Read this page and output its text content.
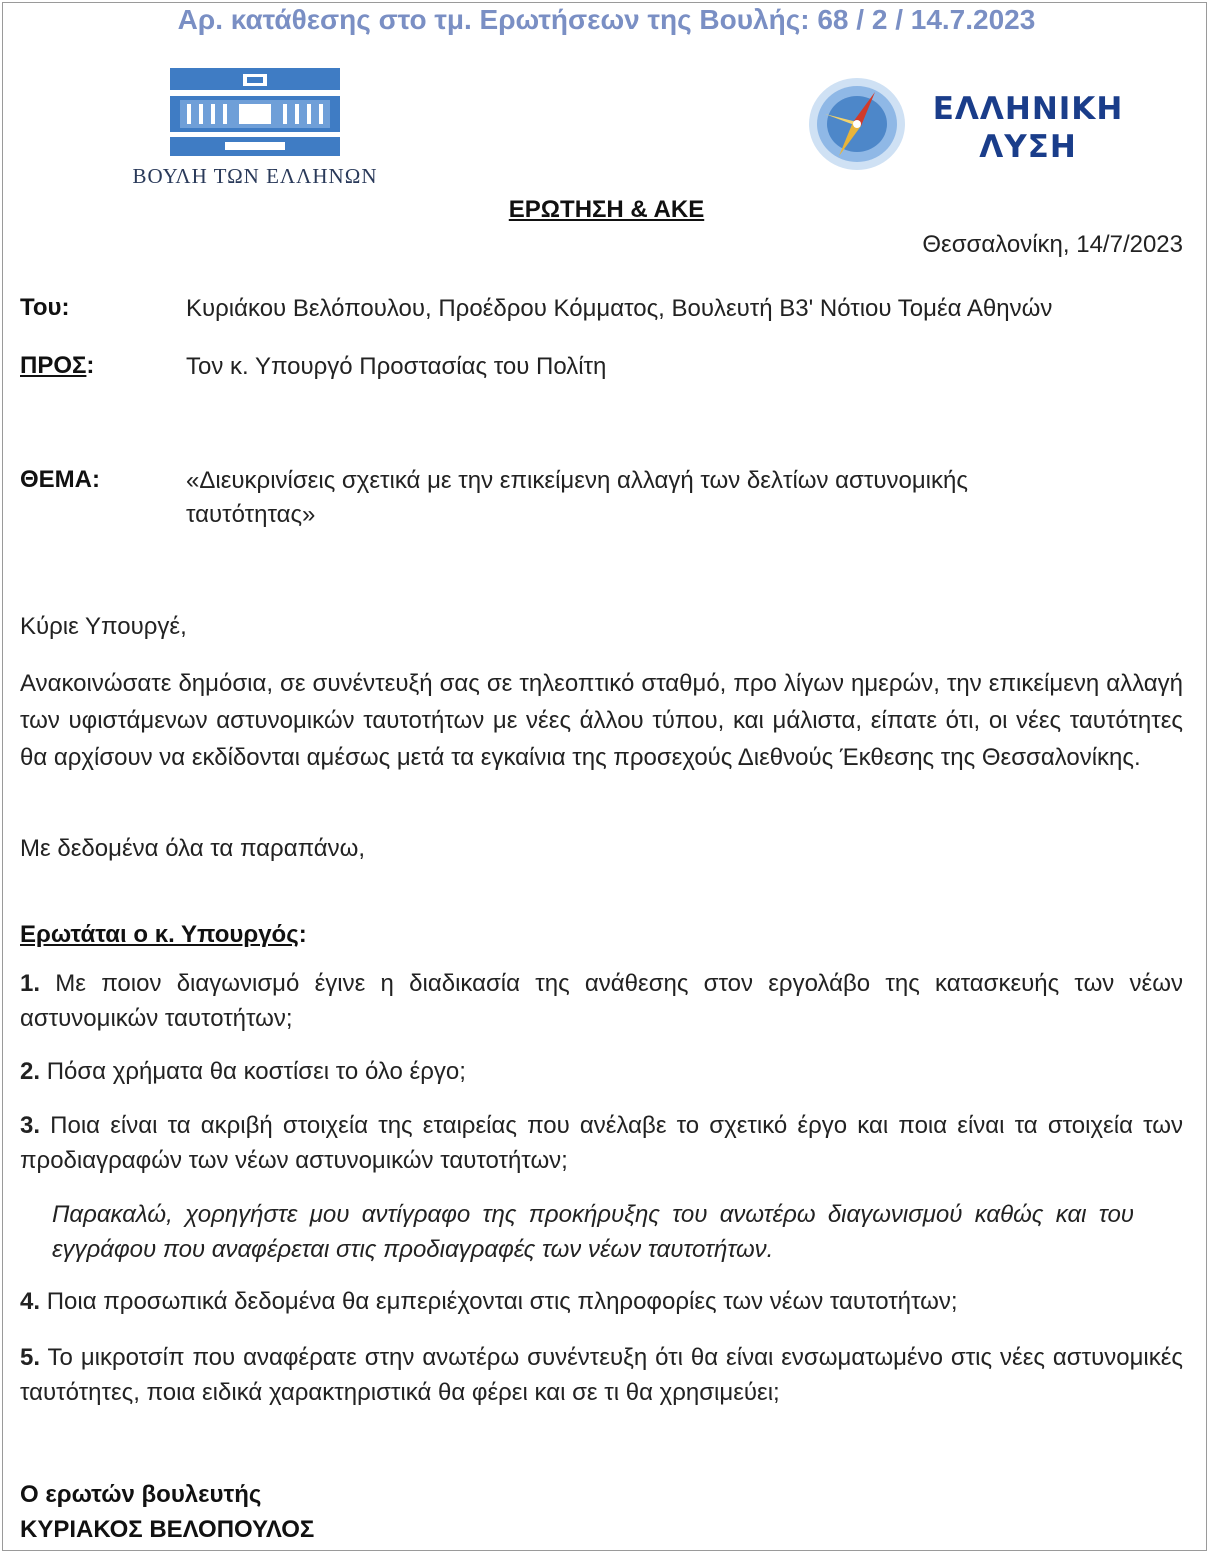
Αρ. κατάθεσης στο τμ. Ερωτήσεων της Βουλής: 68 / 2 / 14.7.2023
ΒΟΥΛΗ ΤΩΝ ΕΛΛΗΝΩΝ
ΕΛΛΗΝΙΚΗ
ΛΥΣΗ
ΕΡΩΤΗΣΗ & ΑΚΕ
Θεσσαλονίκη, 14/7/2023
Του:	Κυριάκου Βελόπουλου, Προέδρου Κόμματος, Βουλευτή Β3' Νότιου Τομέα Αθηνών
ΠΡΟΣ:	Τον κ. Υπουργό Προστασίας του Πολίτη
ΘΕΜΑ:	«Διευκρινίσεις σχετικά με την επικείμενη αλλαγή των δελτίων αστυνομικής
ταυτότητας»
Κύριε Υπουργέ,
Ανακοινώσατε δημόσια, σε συνέντευξή σας σε τηλεοπτικό σταθμό, προ λίγων ημερών, την επικείμενη αλλαγή των υφιστάμενων αστυνομικών ταυτοτήτων με νέες άλλου τύπου, και μάλιστα, είπατε ότι, οι νέες ταυτότητες θα αρχίσουν να εκδίδονται αμέσως μετά τα εγκαίνια της προσεχούς Διεθνούς Έκθεσης της Θεσσαλονίκης.
Με δεδομένα όλα τα παραπάνω,
Ερωτάται ο κ. Υπουργός:
1. Με ποιον διαγωνισμό έγινε η διαδικασία της ανάθεσης στον εργολάβο της κατασκευής των νέων αστυνομικών ταυτοτήτων;
2. Πόσα χρήματα θα κοστίσει το όλο έργο;
3. Ποια είναι τα ακριβή στοιχεία της εταιρείας που ανέλαβε το σχετικό έργο και ποια είναι τα στοιχεία των προδιαγραφών των νέων αστυνομικών ταυτοτήτων;
Παρακαλώ, χορηγήστε μου αντίγραφο της προκήρυξης του ανωτέρω διαγωνισμού καθώς και του εγγράφου που αναφέρεται στις προδιαγραφές των νέων ταυτοτήτων.
4. Ποια προσωπικά δεδομένα θα εμπεριέχονται στις πληροφορίες των νέων ταυτοτήτων;
5. Το μικροτσίπ που αναφέρατε στην ανωτέρω συνέντευξη ότι θα είναι ενσωματωμένο στις νέες αστυνομικές ταυτότητες, ποια ειδικά χαρακτηριστικά θα φέρει και σε τι θα χρησιμεύει;
Ο ερωτών βουλευτής
ΚΥΡΙΑΚΟΣ ΒΕΛΟΠΟΥΛΟΣ
